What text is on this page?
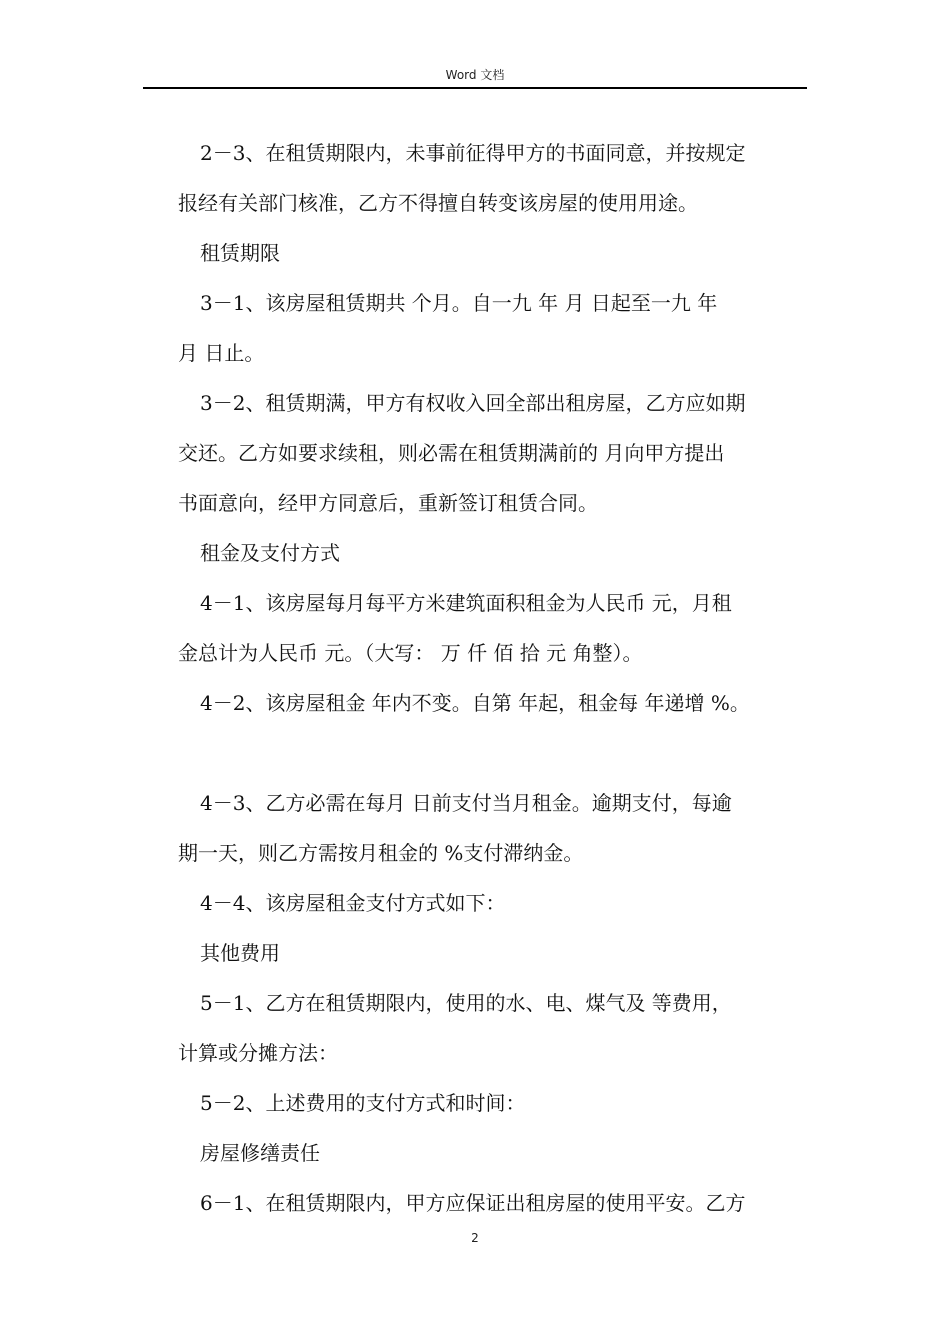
Word 文档
2－3、在租赁期限内，未事前征得甲方的书面同意，并按规定
报经有关部门核准，乙方不得擅自转变该房屋的使用用途。
租赁期限
3－1、该房屋租赁期共 个月。自一九 年 月 日起至一九 年
月 日止。
3－2、租赁期满，甲方有权收入回全部出租房屋，乙方应如期
交还。乙方如要求续租，则必需在租赁期满前的 月向甲方提出
书面意向，经甲方同意后，重新签订租赁合同。
租金及支付方式
4－1、该房屋每月每平方米建筑面积租金为人民币 元，月租
金总计为人民币 元。（大写： 万 仟 佰 拾 元 角整）。
4－2、该房屋租金 年内不变。自第 年起，租金每 年递增 %。
4－3、乙方必需在每月 日前支付当月租金。逾期支付，每逾
期一天，则乙方需按月租金的 %支付滞纳金。
4－4、该房屋租金支付方式如下：
其他费用
5－1、乙方在租赁期限内，使用的水、电、煤气及 等费用，
计算或分摊方法：
5－2、上述费用的支付方式和时间：
房屋修缮责任
6－1、在租赁期限内，甲方应保证出租房屋的使用平安。乙方
2
